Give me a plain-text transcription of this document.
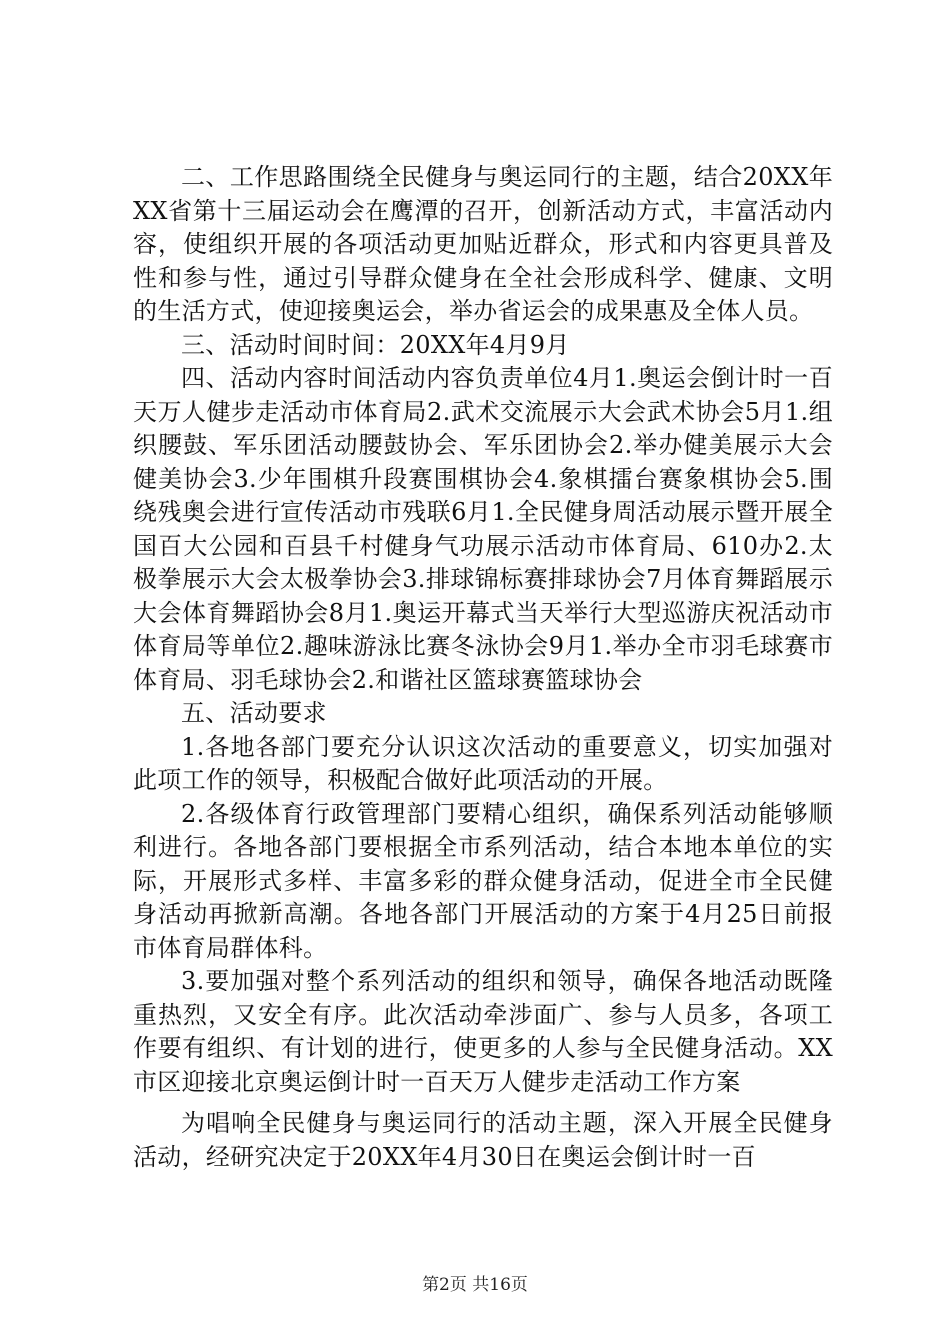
二、工作思路围绕全民健身与奥运同行的主题，结合20XX年XX省第十三届运动会在鹰潭的召开，创新活动方式，丰富活动内容，使组织开展的各项活动更加贴近群众，形式和内容更具普及性和参与性，通过引导群众健身在全社会形成科学、健康、文明的生活方式，使迎接奥运会，举办省运会的成果惠及全体人员。

三、活动时间时间：20XX年4月9月

四、活动内容时间活动内容负责单位4月1.奥运会倒计时一百天万人健步走活动市体育局2.武术交流展示大会武术协会5月1.组织腰鼓、军乐团活动腰鼓协会、军乐团协会2.举办健美展示大会健美协会3.少年围棋升段赛围棋协会4.象棋擂台赛象棋协会5.围绕残奥会进行宣传活动市残联6月1.全民健身周活动展示暨开展全国百大公园和百县千村健身气功展示活动市体育局、610办2.太极拳展示大会太极拳协会3.排球锦标赛排球协会7月体育舞蹈展示大会体育舞蹈协会8月1.奥运开幕式当天举行大型巡游庆祝活动市体育局等单位2.趣味游泳比赛冬泳协会9月1.举办全市羽毛球赛市体育局、羽毛球协会2.和谐社区篮球赛篮球协会

五、活动要求

1.各地各部门要充分认识这次活动的重要意义，切实加强对此项工作的领导，积极配合做好此项活动的开展。

2.各级体育行政管理部门要精心组织，确保系列活动能够顺利进行。各地各部门要根据全市系列活动，结合本地本单位的实际，开展形式多样、丰富多彩的群众健身活动，促进全市全民健身活动再掀新高潮。各地各部门开展活动的方案于4月25日前报市体育局群体科。

3.要加强对整个系列活动的组织和领导，确保各地活动既隆重热烈，又安全有序。此次活动牵涉面广、参与人员多，各项工作要有组织、有计划的进行，使更多的人参与全民健身活动。XX市区迎接北京奥运倒计时一百天万人健步走活动工作方案

为唱响全民健身与奥运同行的活动主题，深入开展全民健身活动，经研究决定于20XX年4月30日在奥运会倒计时一百

第2页 共16页
